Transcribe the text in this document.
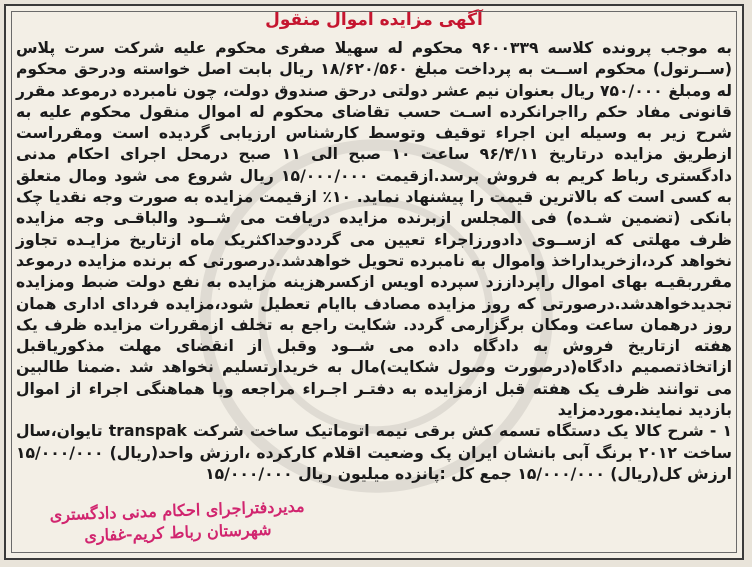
آگهی مزایده اموال منقول

به موجب پرونده کلاسه ۹۶۰۰۳۳۹ محکوم له سهیلا صفری محکوم علیه شرکت سرت پلاس (ســرتول) محکوم اســت به پرداخت مبلغ ۱۸/۶۲۰/۵۶۰ ریال بابت اصل خواسته ودرحق محکوم له ومبلغ ۷۵۰/۰۰۰ ریال بعنوان نیم عشر دولتی درحق صندوق دولت، چون نامبرده درموعد مقرر قانونی مفاد حکم رااجرانکرده اسـت حسب تقاضای محکوم له اموال منقول محکوم علیه به شرح زیر به وسیله این اجراء توقیف وتوسط کارشناس ارزیابی گردیده است ومقرراست ازطریق مزایده درتاریخ ۹۶/۴/۱۱ ساعت ۱۰ صبح الی ۱۱ صبح درمحل اجرای احکام مدنی دادگستری رباط کریم به فروش برسد.ازقیمت ۱۵/۰۰۰/۰۰۰ ریال شروع می شود ومال متعلق به کسی است که بالاترین قیمت را پیشنهاد نماید. ۱۰٪ ازقیمت مزایده به صورت وجه نقدیا چک بانکی (تضمین شـده) فی المجلس ازبرنده مزایده دریافت می شــود والباقـی وجه مزایده ظرف مهلتی که ازســوی دادورزاجراء تعیین می گرددوحداکثریک ماه ازتاریخ مزایـده تجاوز نخواهد کرد،ازخریداراخذ واموال به نامبرده تحویل خواهدشد.درصورتی که برنده مزایده درموعد مقرربقیـه بهای اموال راپرداززد سپرده اویس ازکسرهزینه مزایده به نفع دولت ضبط ومزایده تجدیدخواهدشد.درصورتی که روز مزایده مصادف باایام تعطیل شود،مزایده فردای اداری همان روز درهمان ساعت ومکان برگزارمی گردد. شکایت راجع به تخلف ازمقررات مزایده ظرف یک هفته ازتاریخ فروش به دادگاه داده می شــود وقبل از انقضای مهلت مذکورياقبل ازاتخاذتصمیم دادگاه(درصورت وصول شکایت)مال به خریدارتسلیم نخواهد شد .ضمنا طالبین می توانند ظرف یک هفته قبل ازمزایده به دفتـر اجـراء مراجعه وبا هماهنگی اجراء از اموال بازدید نمایند.موردمزاید

۱ - شرح کالا یک دستگاه تسمه کش برقی نیمه اتوماتیک ساخت شرکت transpak تایوان،سال ساخت ۲۰۱۲ برنگ آبی بانشان ایران پک وضعیت اقلام کارکرده ،ارزش واحد(ریال) ۱۵/۰۰۰/۰۰۰ ارزش کل(ریال) ۱۵/۰۰۰/۰۰۰ جمع کل :پانزده میلیون ریال ۱۵/۰۰۰/۰۰۰

مدیردفتراجرای احکام مدنی دادگستری
شهرستان رباط کریم-غفاری
